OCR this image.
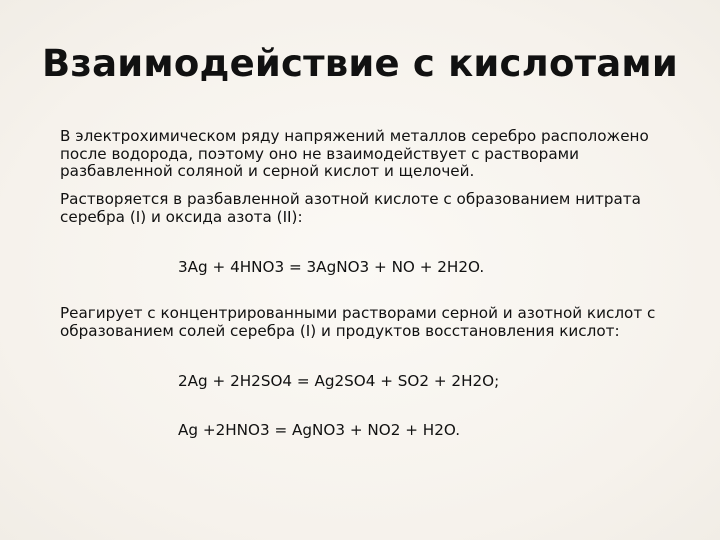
Взаимодействие с кислотами

В электрохимическом ряду напряжений металлов серебро расположено после водорода, поэтому оно не взаимодействует с растворами разбавленной соляной и серной кислот и щелочей.

Растворяется в разбавленной азотной кислоте с образованием нитрата серебра (I) и оксида азота (II):

3Ag + 4HNO3 = 3AgNO3 + NO + 2H2O.

Реагирует с концентрированными растворами серной и азотной кислот с образованием солей серебра (I) и продуктов восстановления кислот:

2Ag + 2H2SO4 = Ag2SO4 + SO2 + 2H2O;

Ag +2HNO3 = AgNO3 + NO2 + H2O.
